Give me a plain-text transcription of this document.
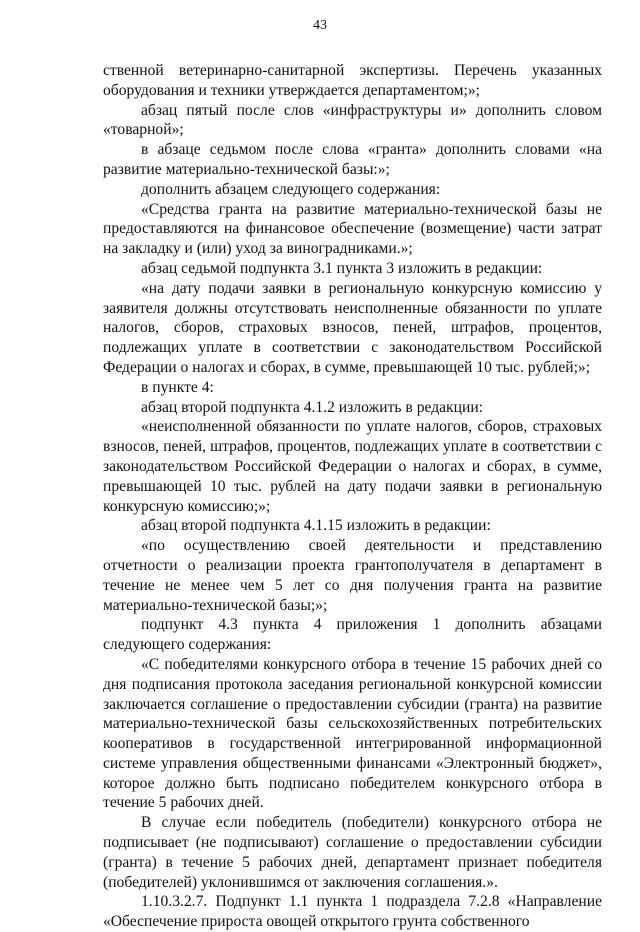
43

ственной ветеринарно-санитарной экспертизы. Перечень указанных оборудования и техники утверждается департаментом;»;

абзац пятый после слов «инфраструктуры и» дополнить словом «товарной»;

в абзаце седьмом после слова «гранта» дополнить словами «на развитие материально-технической базы:»;

дополнить абзацем следующего содержания:

«Средства гранта на развитие материально-технической базы не предоставляются на финансовое обеспечение (возмещение) части затрат на закладку и (или) уход за виноградниками.»;

абзац седьмой подпункта 3.1 пункта 3 изложить в редакции:

«на дату подачи заявки в региональную конкурсную комиссию у заявителя должны отсутствовать неисполненные обязанности по уплате налогов, сборов, страховых взносов, пеней, штрафов, процентов, подлежащих уплате в соответствии с законодательством Российской Федерации о налогах и сборах, в сумме, превышающей 10 тыс. рублей;»;

в пункте 4:

абзац второй подпункта 4.1.2 изложить в редакции:

«неисполненной обязанности по уплате налогов, сборов, страховых взносов, пеней, штрафов, процентов, подлежащих уплате в соответствии с законодательством Российской Федерации о налогах и сборах, в сумме, превышающей 10 тыс. рублей на дату подачи заявки в региональную конкурсную комиссию;»;

абзац второй подпункта 4.1.15 изложить в редакции:

«по осуществлению своей деятельности и представлению отчетности о реализации проекта грантополучателя в департамент в течение не менее чем 5 лет со дня получения гранта на развитие материально-технической базы;»;

подпункт 4.3 пункта 4 приложения 1 дополнить абзацами следующего содержания:

«С победителями конкурсного отбора в течение 15 рабочих дней со дня подписания протокола заседания региональной конкурсной комиссии заключается соглашение о предоставлении субсидии (гранта) на развитие материально-технической базы сельскохозяйственных потребительских кооперативов в государственной интегрированной информационной системе управления общественными финансами «Электронный бюджет», которое должно быть подписано победителем конкурсного отбора в течение 5 рабочих дней.

В случае если победитель (победители) конкурсного отбора не подписывает (не подписывают) соглашение о предоставлении субсидии (гранта) в течение 5 рабочих дней, департамент признает победителя (победителей) уклонившимся от заключения соглашения.».

1.10.3.2.7. Подпункт 1.1 пункта 1 подраздела 7.2.8 «Направление «Обеспечение прироста овощей открытого грунта собственного
